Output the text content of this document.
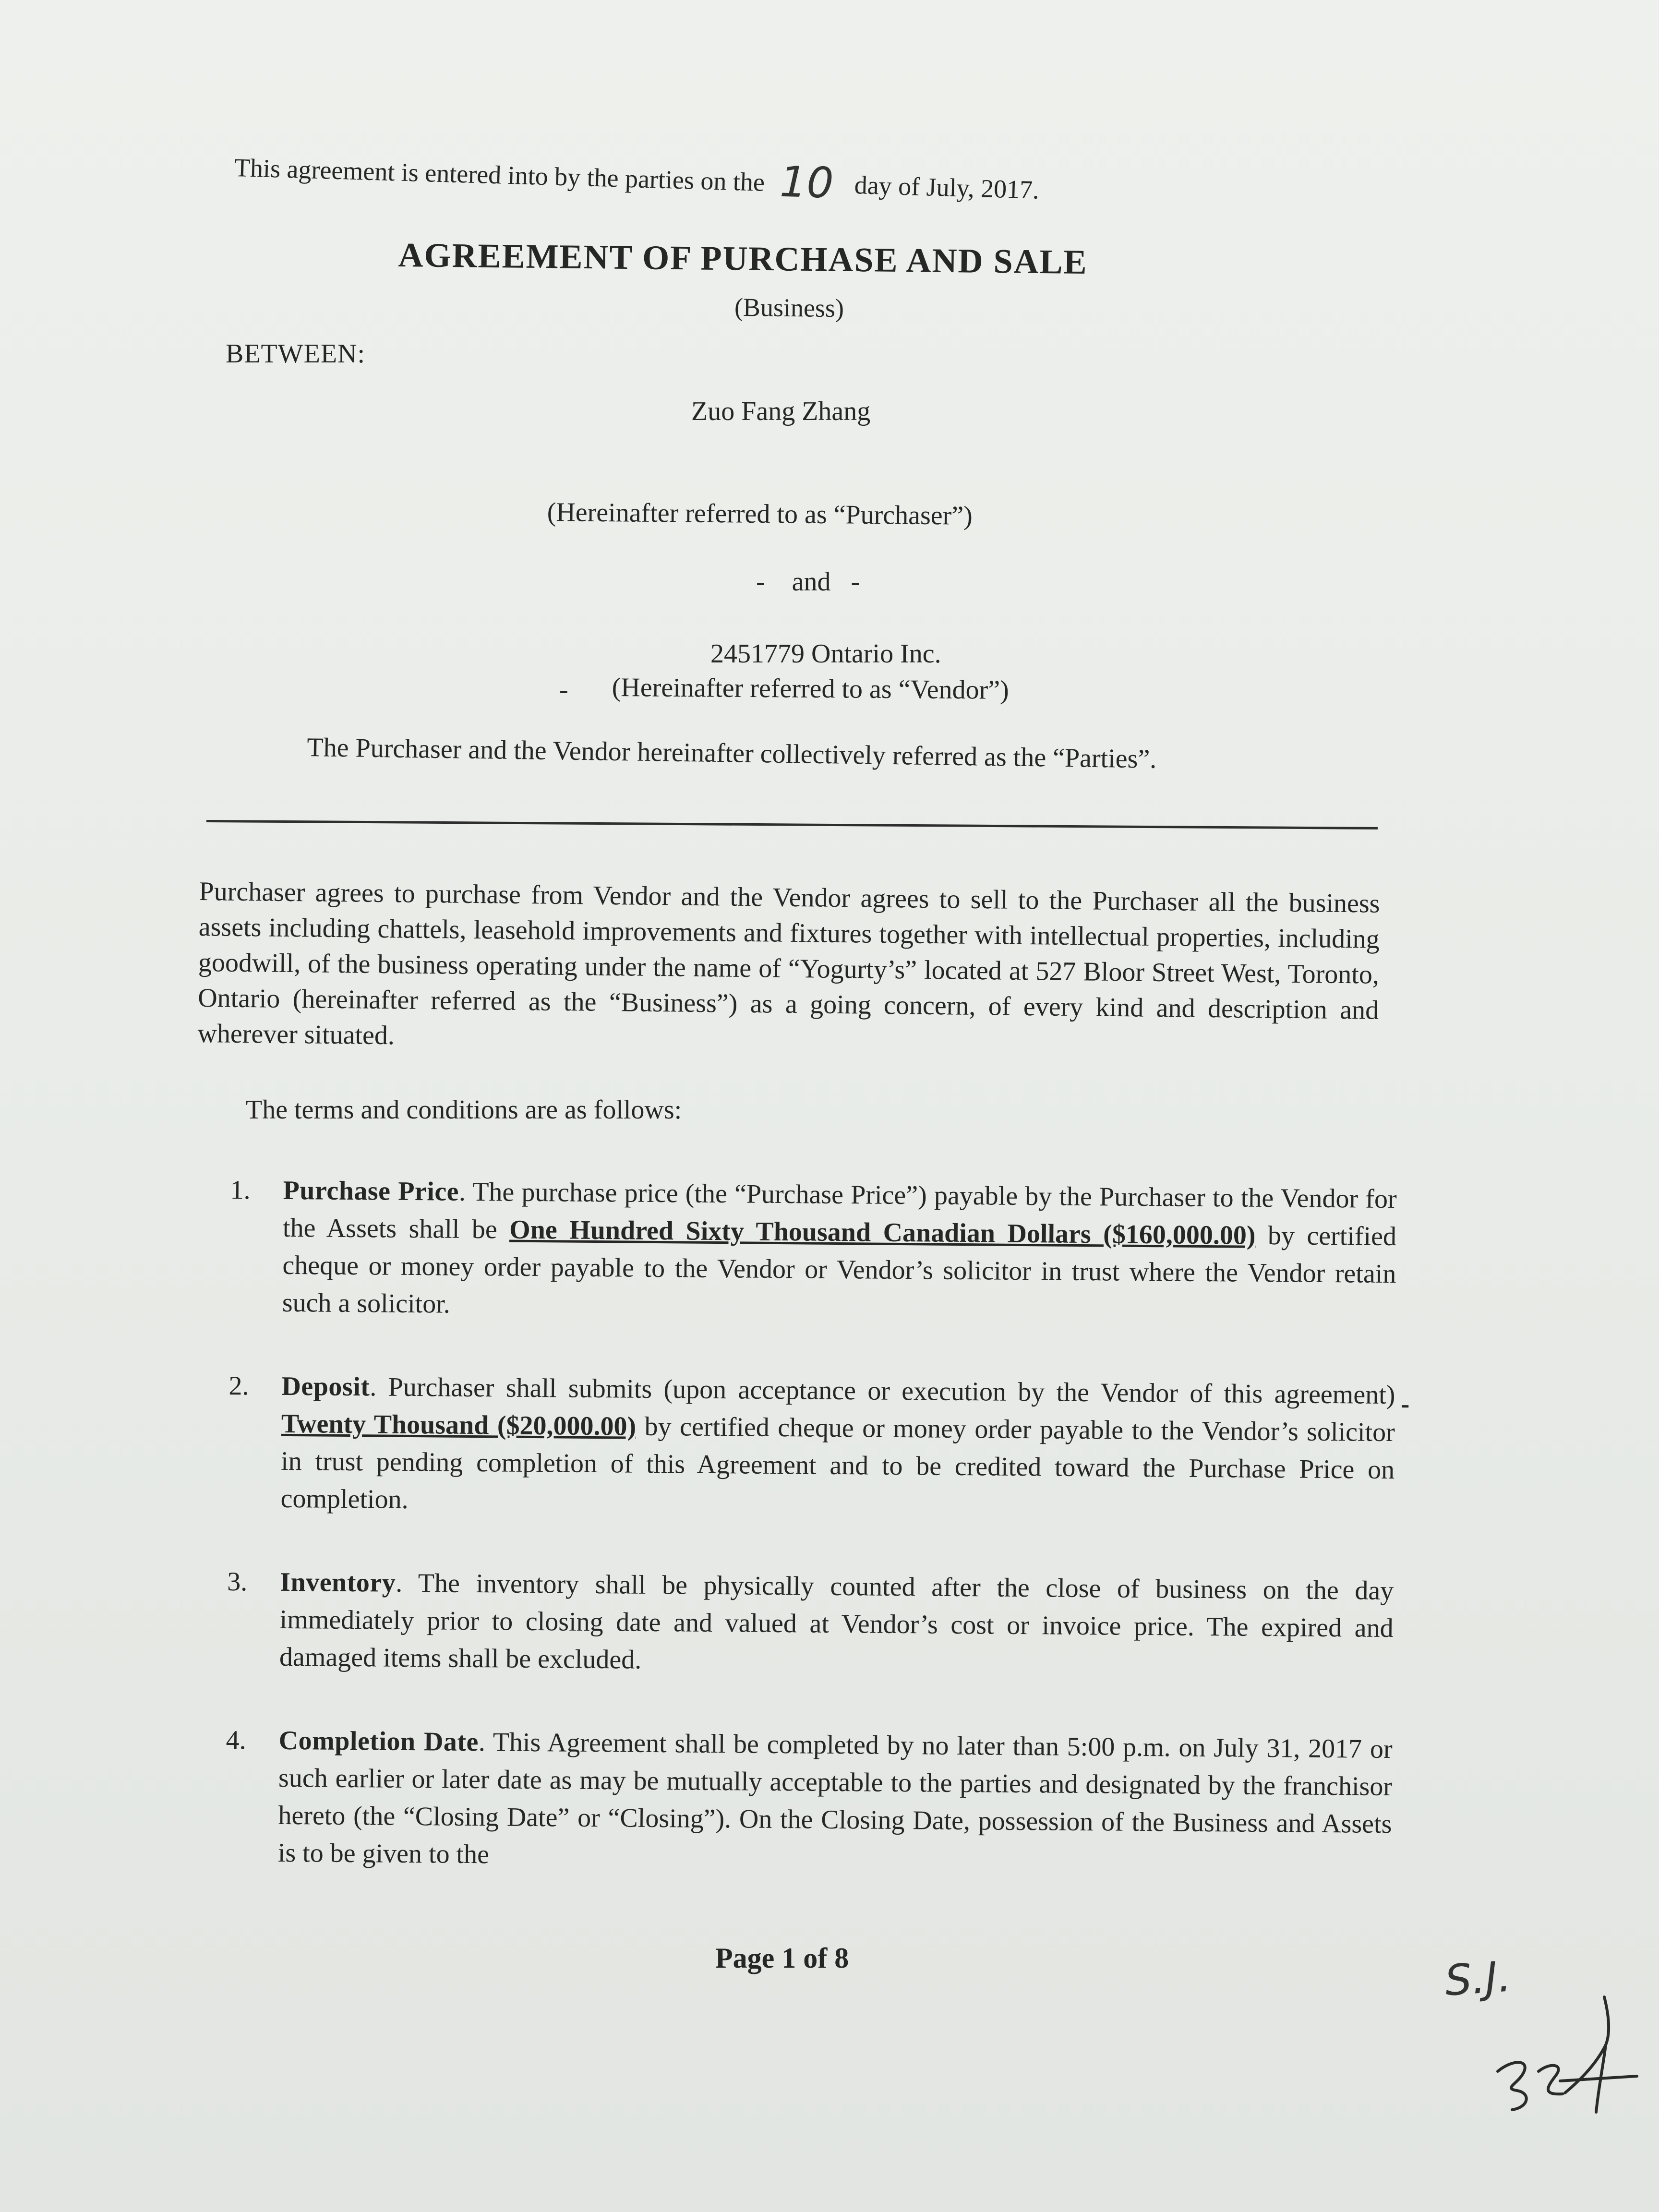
This agreement is entered into by the parties on the 10 day of July, 2017.
AGREEMENT OF PURCHASE AND SALE
(Business)
BETWEEN:
Zuo Fang Zhang
(Hereinafter referred to as “Purchaser”)
-    and   -
2451779 Ontario Inc.
- (Hereinafter referred to as “Vendor”)
The Purchaser and the Vendor hereinafter collectively referred as the “Parties”.
Purchaser agrees to purchase from Vendor and the Vendor agrees to sell to the Purchaser all the business assets including chattels, leasehold improvements and fixtures together with intellectual properties, including goodwill, of the business operating under the name of “Yogurty’s” located at 527 Bloor Street West, Toronto, Ontario (hereinafter referred as the “Business”) as a going concern, of every kind and description and wherever situated.
The terms and conditions are as follows:
1.	Purchase Price. The purchase price (the “Purchase Price”) payable by the Purchaser to the Vendor for the Assets shall be One Hundred Sixty Thousand Canadian Dollars ($160,000.00) by certified cheque or money order payable to the Vendor or Vendor’s solicitor in trust where the Vendor retain such a solicitor.
2.	Deposit. Purchaser shall submits (upon acceptance or execution by the Vendor of this agreement)  Twenty Thousand ($20,000.00) by certified cheque or money order payable to the Vendor’s solicitor in trust pending completion of this Agreement and to be credited toward the Purchase Price on completion.
3.	Inventory. The inventory shall be physically counted after the close of business on the day immediately prior to closing date and valued at Vendor’s cost or invoice price. The expired and damaged items shall be excluded.
4.	Completion Date. This Agreement shall be completed by no later than 5:00 p.m. on July 31, 2017 or such earlier or later date as may be mutually acceptable to the parties and designated by the franchisor hereto (the “Closing Date” or “Closing”). On the Closing Date, possession of the Business and Assets is to be given to the
Page 1 of 8	S.J.
